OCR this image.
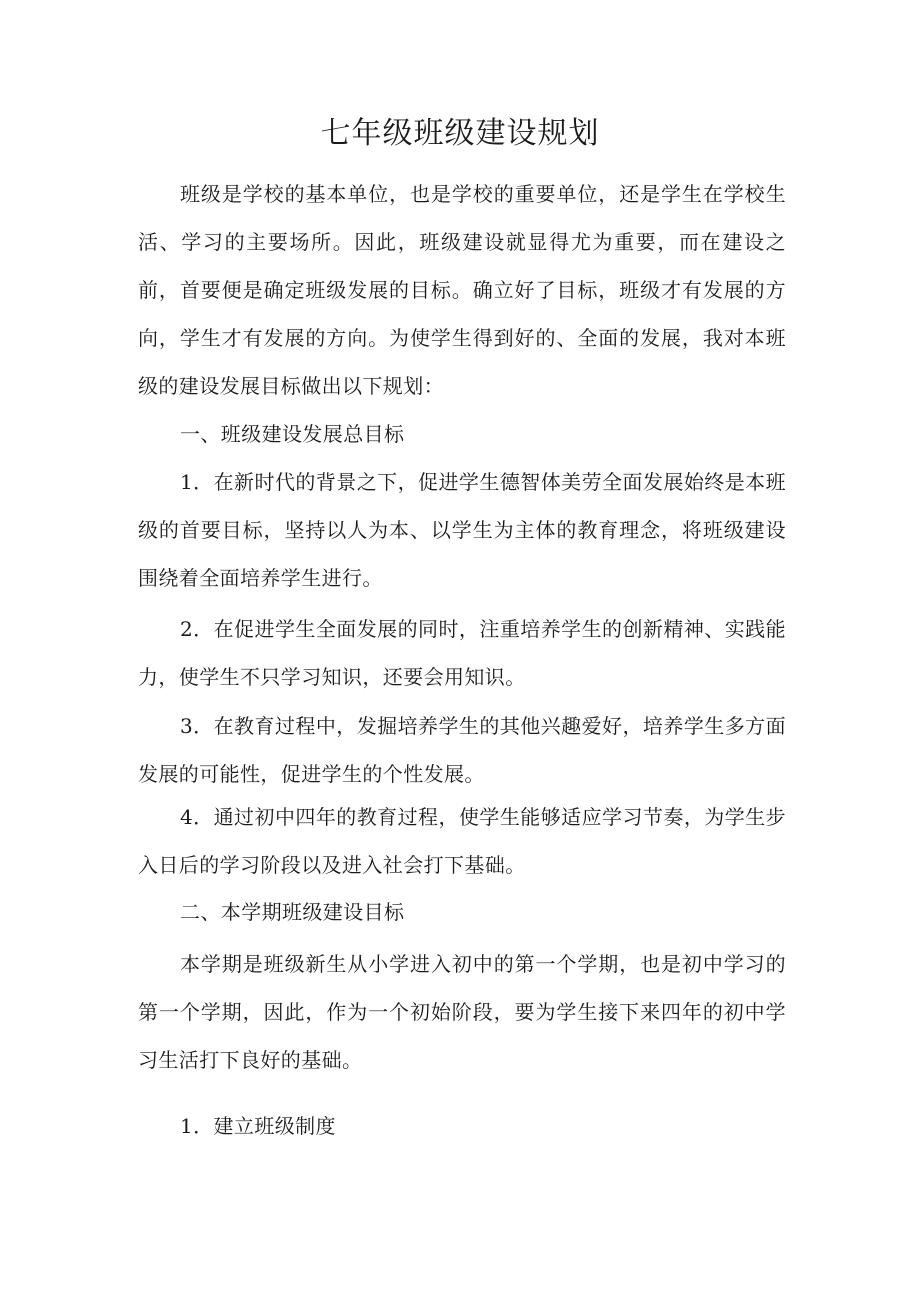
七年级班级建设规划

班级是学校的基本单位，也是学校的重要单位，还是学生在学校生活、学习的主要场所。因此，班级建设就显得尤为重要，而在建设之前，首要便是确定班级发展的目标。确立好了目标，班级才有发展的方向，学生才有发展的方向。为使学生得到好的、全面的发展，我对本班级的建设发展目标做出以下规划：

一、班级建设发展总目标

1．在新时代的背景之下，促进学生德智体美劳全面发展始终是本班级的首要目标，坚持以人为本、以学生为主体的教育理念，将班级建设围绕着全面培养学生进行。

2．在促进学生全面发展的同时，注重培养学生的创新精神、实践能力，使学生不只学习知识，还要会用知识。

3．在教育过程中，发掘培养学生的其他兴趣爱好，培养学生多方面发展的可能性，促进学生的个性发展。

4．通过初中四年的教育过程，使学生能够适应学习节奏，为学生步入日后的学习阶段以及进入社会打下基础。

二、本学期班级建设目标

本学期是班级新生从小学进入初中的第一个学期，也是初中学习的第一个学期，因此，作为一个初始阶段，要为学生接下来四年的初中学习生活打下良好的基础。

1．建立班级制度
